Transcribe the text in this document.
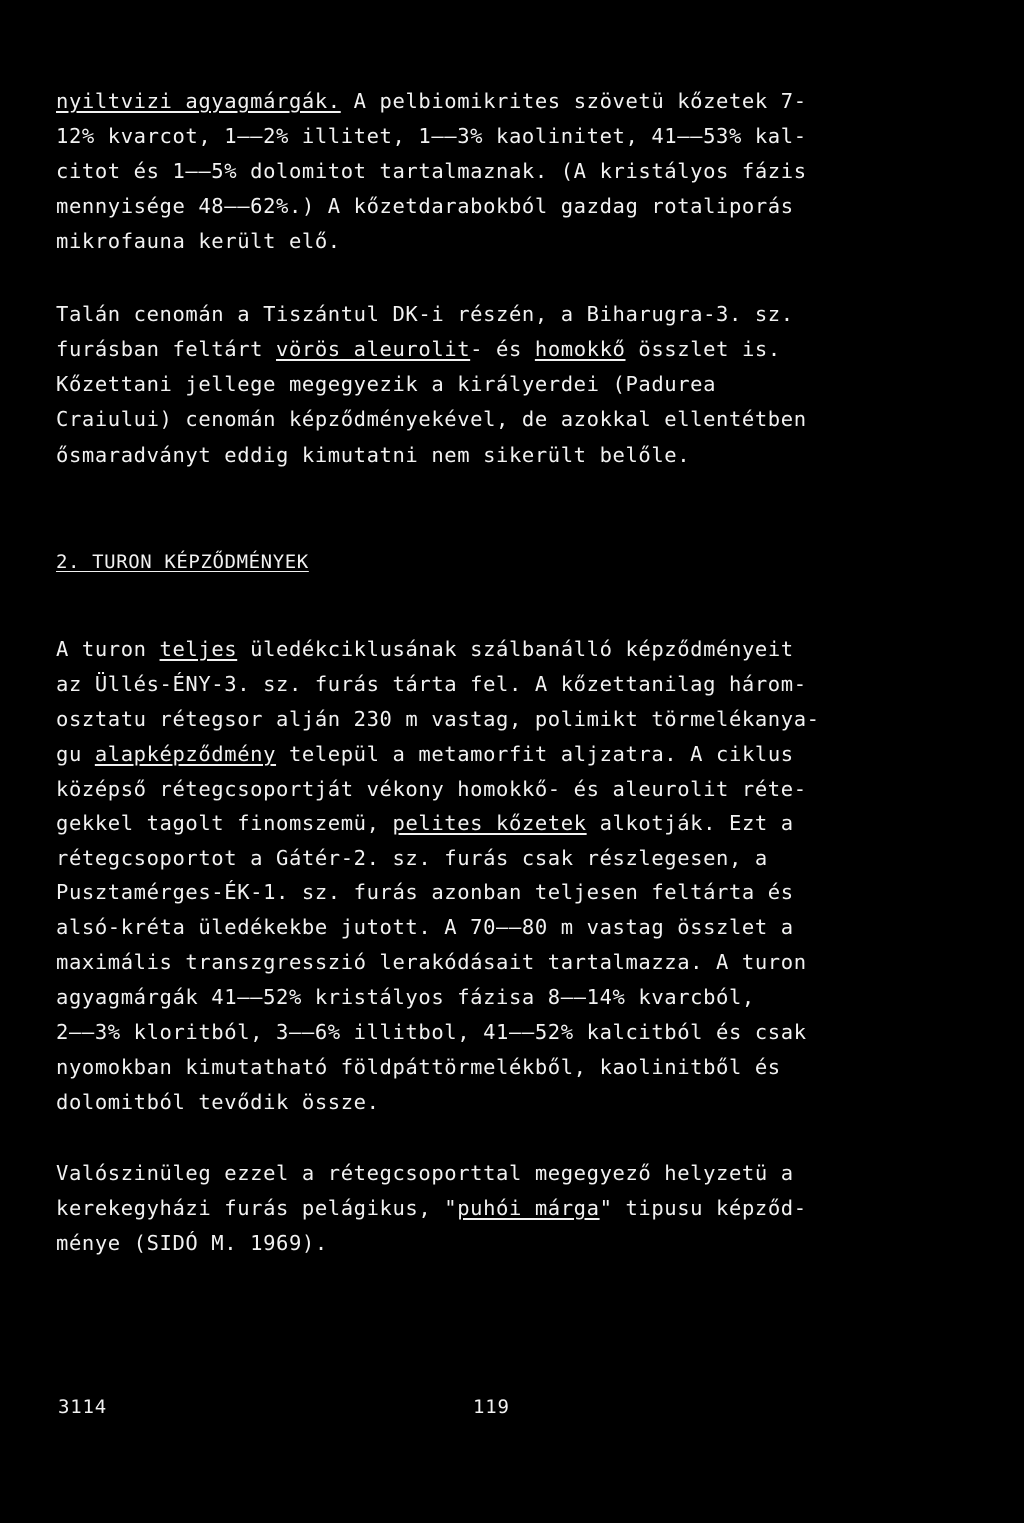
nyiltvizi agyagmárgák. A pelbiomikrites szövetü kőzetek 7-
12% kvarcot, 1——2% illitet, 1——3% kaolinitet, 41——53% kal-
citot és 1——5% dolomitot tartalmaznak. (A kristályos fázis
mennyisége 48——62%.) A kőzetdarabokból gazdag rotaliporás
mikrofauna került elő.
Talán cenomán a Tiszántul DK-i részén, a Biharugra-3. sz.
furásban feltárt vörös aleurolit- és homokkő összlet is.
Kőzettani jellege megegyezik a királyerdei (Padurea
Craiului) cenomán képződményekével, de azokkal ellentétben
ősmaradványt eddig kimutatni nem sikerült belőle.
2. TURON KÉPZŐDMÉNYEK
A turon teljes üledékciklusának szálbanálló képződményeit
az Üllés-ÉNY-3. sz. furás tárta fel. A kőzettanilag három-
osztatu rétegsor alján 230 m vastag, polimikt törmelékanya-
gu alapképződmény települ a metamorfit aljzatra. A ciklus
középső rétegcsoportját vékony homokkő- és aleurolit réte-
gekkel tagolt finomszemü, pelites kőzetek alkotják. Ezt a
rétegcsoportot a Gátér-2. sz. furás csak részlegesen, a
Pusztamérges-ÉK-1. sz. furás azonban teljesen feltárta és
alsó-kréta üledékekbe jutott. A 70——80 m vastag összlet a
maximális transzgresszió lerakódásait tartalmazza. A turon
agyagmárgák 41——52% kristályos fázisa 8——14% kvarcból,
2——3% kloritból, 3——6% illitbol, 41——52% kalcitból és csak
nyomokban kimutatható földpáttörmelékből, kaolinitből és
dolomitból tevődik össze.
Valószinüleg ezzel a rétegcsoporttal megegyező helyzetü a
kerekegyházi furás pelágikus, "puhói márga" tipusu képződ-
ménye (SIDÓ M. 1969).
3114	119
